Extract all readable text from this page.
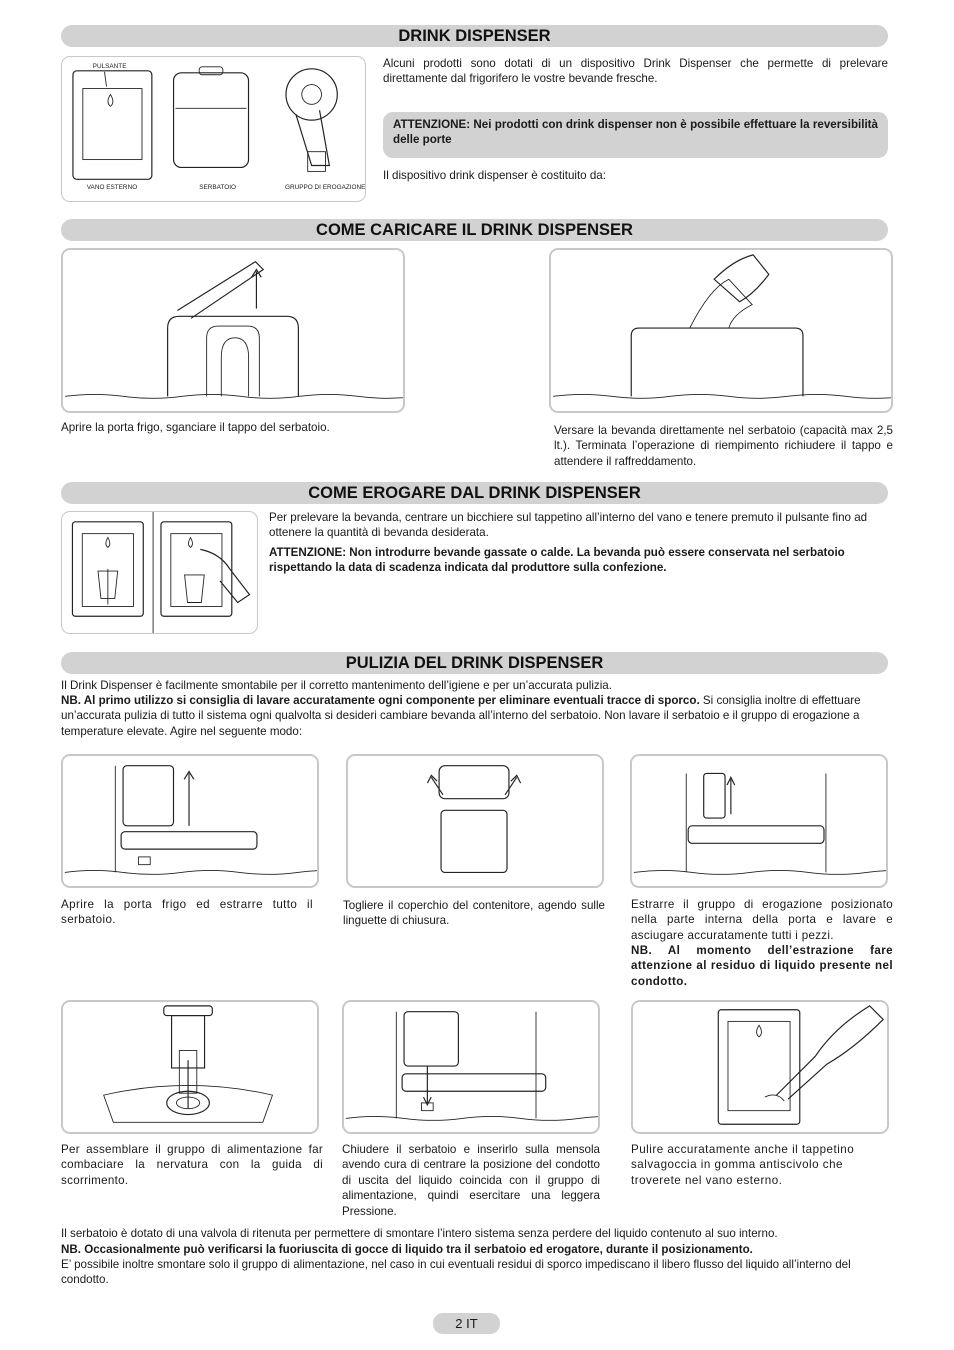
DRINK DISPENSER
PULSANTE
VANO ESTERNO	SERBATOIO	GRUPPO DI EROGAZIONE
Alcuni prodotti sono dotati di un dispositivo Drink Dispenser che permette di prelevare direttamente dal frigorifero le vostre bevande fresche.
ATTENZIONE: Nei prodotti con drink dispenser non è possibile effettuare la reversibilità delle porte
Il dispositivo drink dispenser è costituito da:
COME CARICARE IL DRINK DISPENSER
Aprire la porta frigo, sganciare il tappo del serbatoio.	Versare la bevanda direttamente nel serbatoio (capacità max 2,5 lt.). Terminata l’operazione di riempimento richiudere il tappo e attendere il raffreddamento.
COME EROGARE DAL DRINK DISPENSER
Per prelevare la bevanda, centrare un bicchiere sul tappetino all’interno del vano e tenere premuto il pulsante fino ad ottenere la quantità di bevanda desiderata.
ATTENZIONE: Non introdurre bevande gassate o calde. La bevanda può essere conservata nel serbatoio rispettando la data di scadenza indicata dal produttore sulla confezione.
PULIZIA DEL DRINK DISPENSER
Il Drink Dispenser è facilmente smontabile per il corretto mantenimento dell’igiene e per un’accurata pulizia.
NB. Al primo utilizzo si consiglia di lavare accuratamente ogni componente per eliminare eventuali tracce di sporco. Si consiglia inoltre di effettuare un’accurata pulizia di tutto il sistema ogni qualvolta si desideri cambiare bevanda all’interno del serbatoio. Non lavare il serbatoio e il gruppo di erogazione a temperature elevate. Agire nel seguente modo:
Aprire la porta frigo ed estrarre tutto il serbatoio.
Togliere il coperchio del contenitore, agendo sulle linguette di chiusura.
Estrarre il gruppo di erogazione posizionato nella parte interna della porta e lavare e asciugare accuratamente tutti i pezzi.
NB. Al momento dell’estrazione fare attenzione al residuo di liquido presente nel condotto.
Per assemblare il gruppo di alimentazione far combaciare la nervatura con la guida di scorrimento.
Chiudere il serbatoio e inserirlo sulla mensola avendo cura di centrare la posizione del condotto di uscita del liquido coincida con il gruppo di alimentazione, quindi esercitare una leggera Pressione.
Pulire accuratamente anche il tappetino salvagoccia in gomma antiscivolo che troverete nel vano esterno.
Il serbatoio è dotato di una valvola di ritenuta per permettere di smontare l’intero sistema senza perdere del liquido contenuto al suo interno.
NB. Occasionalmente può verificarsi la fuoriuscita di gocce di liquido tra il serbatoio ed erogatore, durante il posizionamento.
E’ possibile inoltre smontare solo il gruppo di alimentazione, nel caso in cui eventuali residui di sporco impediscano il libero flusso del liquido all’interno del condotto.
2 IT
